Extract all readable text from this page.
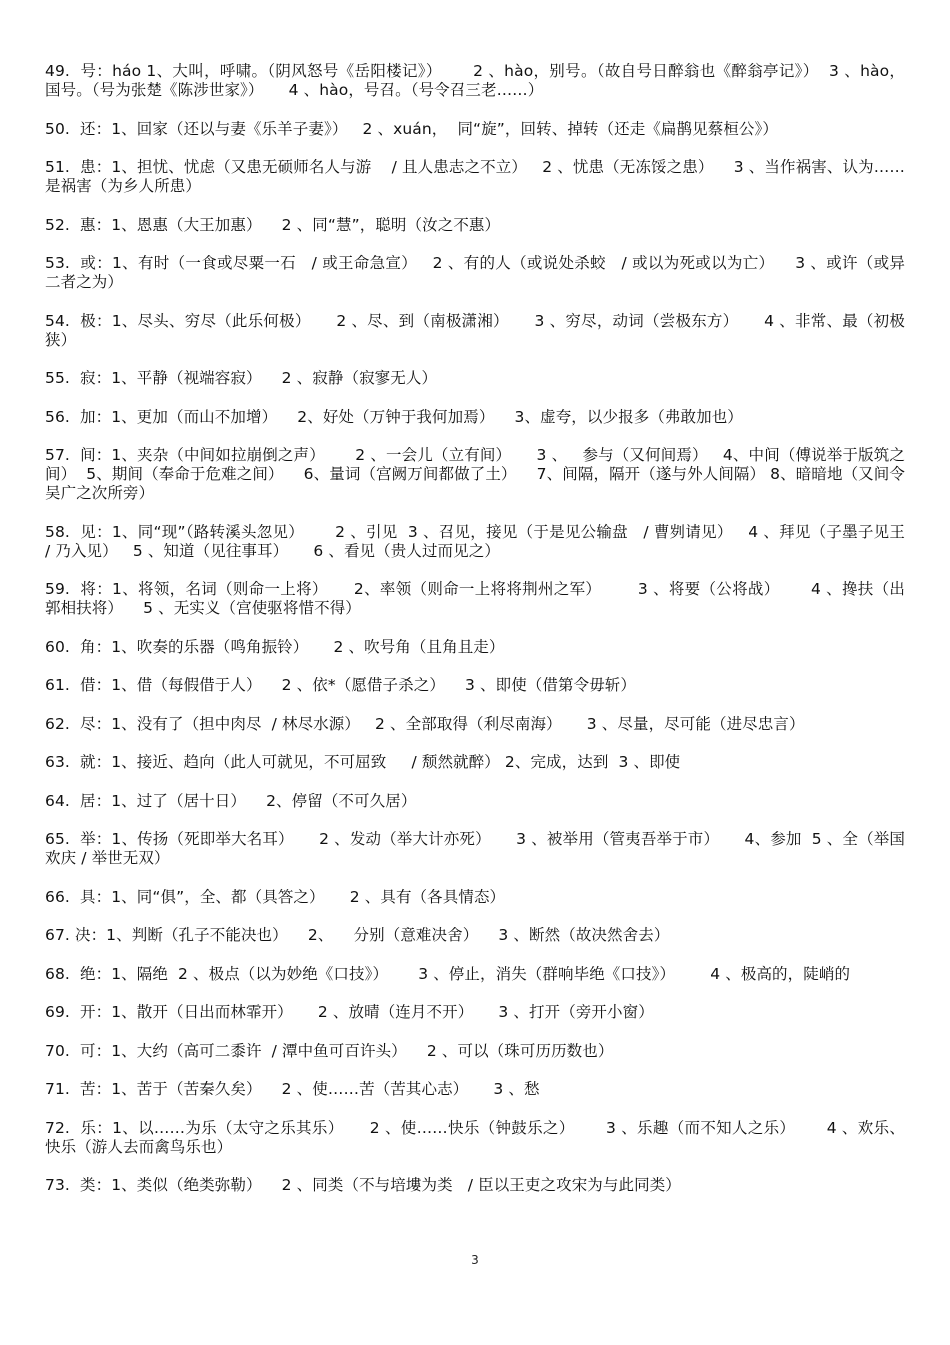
49.  号：háo 1、大叫，呼啸。（阴风怒号《岳阳楼记》）      2 、hào，别号。（故自号日醉翁也《醉翁亭记》）  3 、hào，国号。（号为张楚《陈涉世家》）     4 、hào，号召。（号令召三老……）

50.  还：1、回家（还以与妻《乐羊子妻》）   2 、xuán，  同“旋”，回转、掉转（还走《扁鹊见蔡桓公》）

51.  患：1、担忧、忧虑（又患无硕师名人与游    / 且人患志之不立）   2 、忧患（无冻馁之患）    3 、当作祸害、认为……是祸害（为乡人所患）

52.  惠：1、恩惠（大王加惠）    2 、同“慧”，聪明（汝之不惠）

53.  或：1、有时（一食或尽粟一石   / 或王命急宣）   2 、有的人（或说处杀蛟   / 或以为死或以为亡）    3 、或许（或异二者之为）

54.  极：1、尽头、穷尽（此乐何极）     2 、尽、到（南极潇湘）     3 、穷尽，动词（尝极东方）     4 、非常、最（初极狭）

55.  寂：1、平静（视端容寂）    2 、寂静（寂寥无人）

56.  加：1、更加（而山不加增）    2、好处（万钟于我何加焉）    3、虚夸，以少报多（弗敢加也）

57.  间：1、夹杂（中间如拉崩倒之声）      2 、一会儿（立有间）     3 、   参与（又何间焉）   4、中间（傅说举于版筑之间）  5、期间（奉命于危难之间）    6、量词（宫阙万间都做了土）    7、间隔，隔开（遂与外人间隔） 8、暗暗地（又间令吴广之次所旁）

58.  见：1、同“现”（路转溪头忽见）      2 、引见  3 、召见，接见（于是见公输盘   / 曹刿请见）   4 、拜见（子墨子见王 / 乃入见）   5 、知道（见往事耳）     6 、看见（贵人过而见之）

59.  将：1、将领，名词（则命一上将）     2、率领（则命一上将将荆州之军）       3 、将要（公将战）      4 、搀扶（出郭相扶将）    5 、无实义（宫使驱将惜不得）

60.  角：1、吹奏的乐器（鸣角振铃）     2 、吹号角（且角且走）

61.  借：1、借（每假借于人）    2 、依*（愿借子杀之）    3 、即使（借第令毋斩）

62.  尽：1、没有了（担中肉尽  / 林尽水源）   2 、全部取得（利尽南海）     3 、尽量，尽可能（进尽忠言）

63.  就：1、接近、趋向（此人可就见，不可屈致     / 颓然就醉） 2、完成，达到  3 、即使

64.  居：1、过了（居十日）    2、停留（不可久居）

65.  举：1、传扬（死即举大名耳）     2 、发动（举大计亦死）     3 、被举用（管夷吾举于市）     4、参加  5 、全（举国欢庆 / 举世无双）

66.  具：1、同“俱”，全、都（具答之）     2 、具有（各具情态）

67. 决：1、判断（孔子不能决也）    2、    分别（意难决舍）    3 、断然（故决然舍去）

68.  绝：1、隔绝  2 、极点（以为妙绝《口技》）      3 、停止，消失（群响毕绝《口技》）       4 、极高的，陡峭的

69.  开：1、散开（日出而林霏开）     2 、放晴（连月不开）     3 、打开（旁开小窗）

70.  可：1、大约（高可二黍许  / 潭中鱼可百许头）    2 、可以（珠可历历数也）

71.  苦：1、苦于（苦秦久矣）    2 、使……苦（苦其心志）     3 、愁

72.  乐：1、以……为乐（太守之乐其乐）     2 、使……快乐（钟鼓乐之）      3 、乐趣（而不知人之乐）      4 、欢乐、快乐（游人去而禽鸟乐也）

73.  类：1、类似（绝类弥勒）    2 、同类（不与培塿为类   / 臣以王吏之攻宋为与此同类）

3
